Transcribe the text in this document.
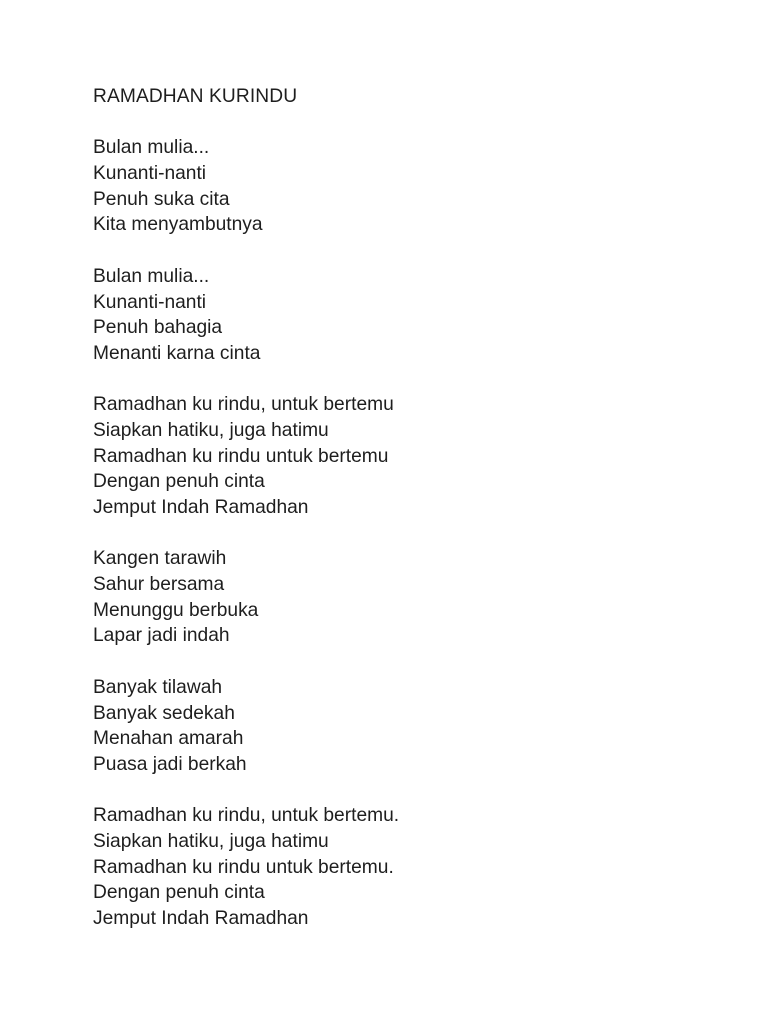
RAMADHAN KURINDU

Bulan mulia...
Kunanti-nanti
Penuh suka cita
Kita menyambutnya

Bulan mulia...
Kunanti-nanti
Penuh bahagia
Menanti karna cinta

Ramadhan ku rindu, untuk bertemu
Siapkan hatiku, juga hatimu
Ramadhan ku rindu untuk bertemu
Dengan penuh cinta
Jemput Indah Ramadhan

Kangen tarawih
Sahur bersama
Menunggu berbuka
Lapar jadi indah

Banyak tilawah
Banyak sedekah
Menahan amarah
Puasa jadi berkah

Ramadhan ku rindu, untuk bertemu.
Siapkan hatiku, juga hatimu
Ramadhan ku rindu untuk bertemu.
Dengan penuh cinta
Jemput Indah Ramadhan
